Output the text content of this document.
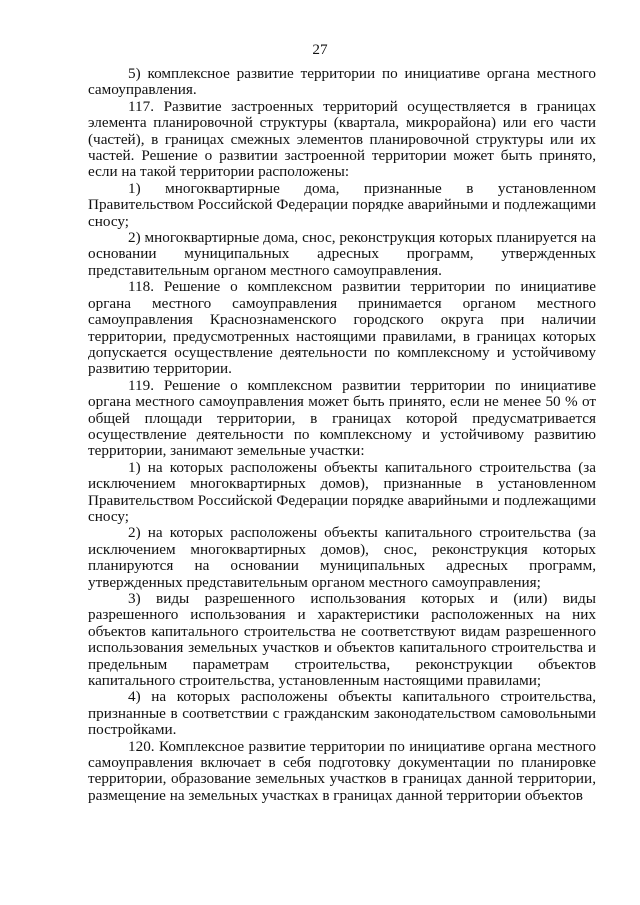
27

5) комплексное развитие территории по инициативе органа местного самоуправления.

117. Развитие застроенных территорий осуществляется в границах элемента планировочной структуры (квартала, микрорайона) или его части (частей), в границах смежных элементов планировочной структуры или их частей. Решение о развитии застроенной территории может быть принято, если на такой территории расположены:

1) многоквартирные дома, признанные в установленном Правительством Российской Федерации порядке аварийными и подлежащими сносу;

2) многоквартирные дома, снос, реконструкция которых планируется на основании муниципальных адресных программ, утвержденных представительным органом местного самоуправления.

118. Решение о комплексном развитии территории по инициативе органа местного самоуправления принимается органом местного самоуправления Краснознаменского городского округа при наличии территории, предусмотренных настоящими правилами, в границах которых допускается осуществление деятельности по комплексному и устойчивому развитию территории.

119. Решение о комплексном развитии территории по инициативе органа местного самоуправления может быть принято, если не менее 50 % от общей площади территории, в границах которой предусматривается осуществление деятельности по комплексному и устойчивому развитию территории, занимают земельные участки:

1) на которых расположены объекты капитального строительства (за исключением многоквартирных домов), признанные в установленном Правительством Российской Федерации порядке аварийными и подлежащими сносу;

2) на которых расположены объекты капитального строительства (за исключением многоквартирных домов), снос, реконструкция которых планируются на основании муниципальных адресных программ, утвержденных представительным органом местного самоуправления;

3) виды разрешенного использования которых и (или) виды разрешенного использования и характеристики расположенных на них объектов капитального строительства не соответствуют видам разрешенного использования земельных участков и объектов капитального строительства и предельным параметрам строительства, реконструкции объектов капитального строительства, установленным настоящими правилами;

4) на которых расположены объекты капитального строительства, признанные в соответствии с гражданским законодательством самовольными постройками.

120. Комплексное развитие территории по инициативе органа местного самоуправления включает в себя подготовку документации по планировке территории, образование земельных участков в границах данной территории, размещение на земельных участках в границах данной территории объектов
